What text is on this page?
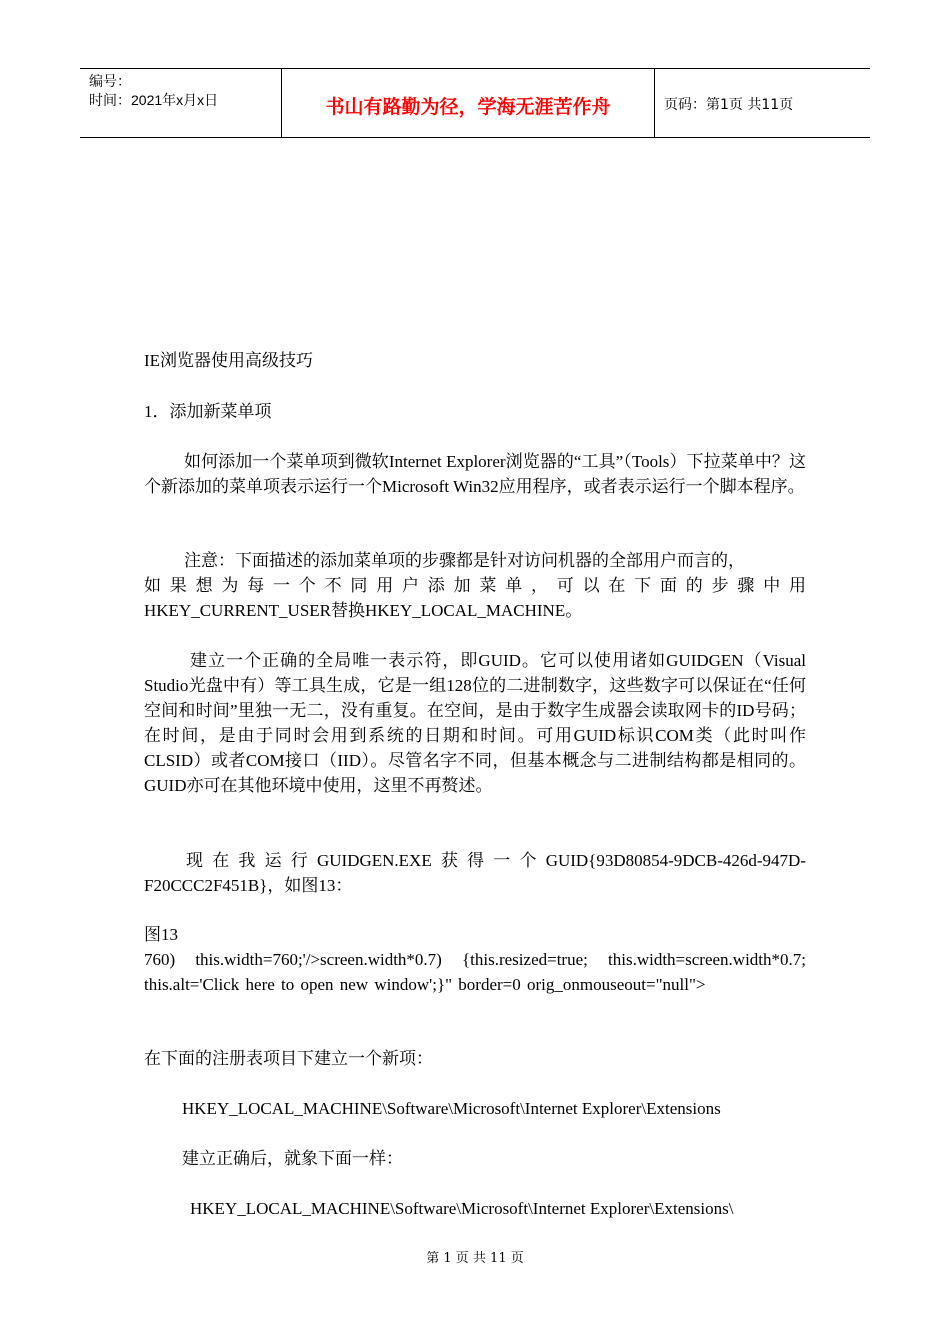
编号：
时间：2021年x月x日	书山有路勤为径，学海无涯苦作舟	页码：第1页 共11页
IE浏览器使用高级技巧
1．添加新菜单项
如何添加一个菜单项到微软Internet Explorer浏览器的“工具”（Tools）下拉菜单中？这个新添加的菜单项表示运行一个Microsoft Win32应用程序，或者表示运行一个脚本程序。
注意：下面描述的添加菜单项的步骤都是针对访问机器的全部用户而言的，
如果想为每一个不同用户添加菜单，可以在下面的步骤中用
HKEY_CURRENT_USER替换HKEY_LOCAL_MACHINE。
建立一个正确的全局唯一表示符，即GUID。它可以使用诸如GUIDGEN（Visual Studio光盘中有）等工具生成，它是一组128位的二进制数字，这些数字可以保证在“任何空间和时间”里独一无二，没有重复。在空间，是由于数字生成器会读取网卡的ID号码；在时间，是由于同时会用到系统的日期和时间。可用GUID标识COM类（此时叫作CLSID）或者COM接口（IID）。尽管名字不同，但基本概念与二进制结构都是相同的。GUID亦可在其他环境中使用，这里不再赘述。
现在我运行GUIDGEN.EXE获得一个GUID{93D80854-9DCB-426d-947D-F20CCC2F451B}，如图13：
图13
760) this.width=760;'/>screen.width*0.7) {this.resized=true; this.width=screen.width*0.7; this.alt='Click here to open new window';}" border=0 orig_onmouseout="null">
在下面的注册表项目下建立一个新项：
HKEY_LOCAL_MACHINE\Software\Microsoft\Internet Explorer\Extensions
建立正确后，就象下面一样：
HKEY_LOCAL_MACHINE\Software\Microsoft\Internet Explorer\Extensions\
第 1 页 共 11 页
